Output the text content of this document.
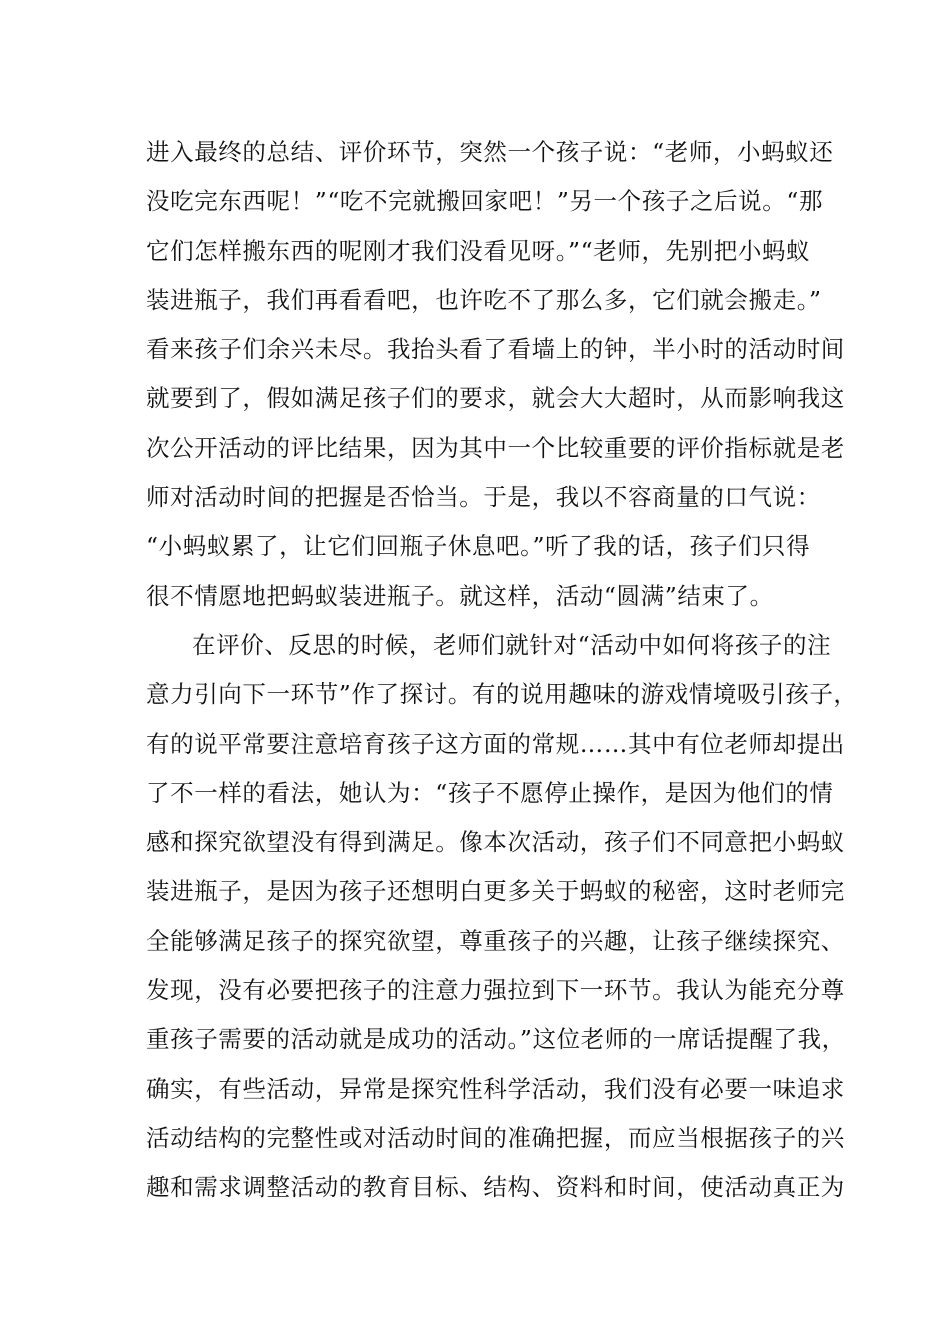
进入最终的总结、评价环节，突然一个孩子说：“老师，小蚂蚁还
没吃完东西呢！”“吃不完就搬回家吧！”另一个孩子之后说。“那
它们怎样搬东西的呢刚才我们没看见呀。”“老师，先别把小蚂蚁
装进瓶子，我们再看看吧，也许吃不了那么多，它们就会搬走。”
看来孩子们余兴未尽。我抬头看了看墙上的钟，半小时的活动时间
就要到了，假如满足孩子们的要求，就会大大超时，从而影响我这
次公开活动的评比结果，因为其中一个比较重要的评价指标就是老
师对活动时间的把握是否恰当。于是，我以不容商量的口气说：
“小蚂蚁累了，让它们回瓶子休息吧。”听了我的话，孩子们只得
很不情愿地把蚂蚁装进瓶子。就这样，活动“圆满”结束了。
在评价、反思的时候，老师们就针对“活动中如何将孩子的注
意力引向下一环节”作了探讨。有的说用趣味的游戏情境吸引孩子，
有的说平常要注意培育孩子这方面的常规……其中有位老师却提出
了不一样的看法，她认为：“孩子不愿停止操作，是因为他们的情
感和探究欲望没有得到满足。像本次活动，孩子们不同意把小蚂蚁
装进瓶子，是因为孩子还想明白更多关于蚂蚁的秘密，这时老师完
全能够满足孩子的探究欲望，尊重孩子的兴趣，让孩子继续探究、
发现，没有必要把孩子的注意力强拉到下一环节。我认为能充分尊
重孩子需要的活动就是成功的活动。”这位老师的一席话提醒了我，
确实，有些活动，异常是探究性科学活动，我们没有必要一味追求
活动结构的完整性或对活动时间的准确把握，而应当根据孩子的兴
趣和需求调整活动的教育目标、结构、资料和时间，使活动真正为
